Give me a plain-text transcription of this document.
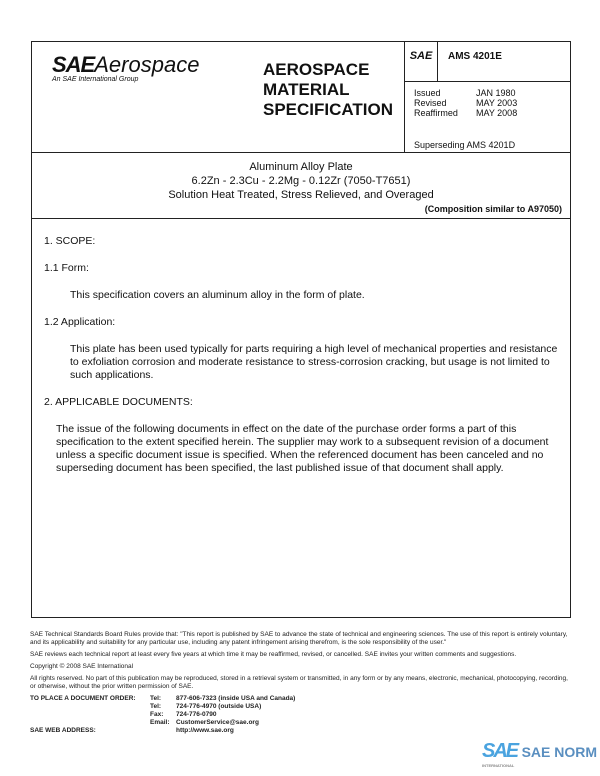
SAEAerospace
An SAE International Group
AEROSPACE
MATERIAL
SPECIFICATION
SAE	AMS 4201E
Issued	JAN 1980
Revised	MAY 2003
Reaffirmed MAY 2008
Superseding AMS 4201D
Aluminum Alloy Plate
6.2Zn - 2.3Cu - 2.2Mg - 0.12Zr (7050-T7651)
Solution Heat Treated, Stress Relieved, and Overaged
(Composition similar to A97050)

1. SCOPE:

1.1 Form:

This specification covers an aluminum alloy in the form of plate.

1.2 Application:

This plate has been used typically for parts requiring a high level of mechanical properties and resistance to exfoliation corrosion and moderate resistance to stress-corrosion cracking, but usage is not limited to such applications.

2. APPLICABLE DOCUMENTS:

The issue of the following documents in effect on the date of the purchase order forms a part of this specification to the extent specified herein. The supplier may work to a subsequent revision of a document unless a specific document issue is specified. When the referenced document has been canceled and no superseding document has been specified, the last published issue of that document shall apply.

SAE Technical Standards Board Rules provide that: "This report is published by SAE to advance the state of technical and engineering sciences. The use of this report is entirely voluntary, and its applicability and suitability for any particular use, including any patent infringement arising therefrom, is the sole responsibility of the user."

SAE reviews each technical report at least every five years at which time it may be reaffirmed, revised, or cancelled. SAE invites your written comments and suggestions.

Copyright © 2008 SAE International

All rights reserved. No part of this publication may be reproduced, stored in a retrieval system or transmitted, in any form or by any means, electronic, mechanical, photocopying, recording, or otherwise, without the prior written permission of SAE.

TO PLACE A DOCUMENT ORDER:	Tel:	877-606-7323 (inside USA and Canada)
Tel:	724-776-4970 (outside USA)
Fax:	724-776-0790
Email: CustomerService@sae.org
SAE WEB ADDRESS:	http://www.sae.org
SAE SAE NORM
INTERNATIONAL
